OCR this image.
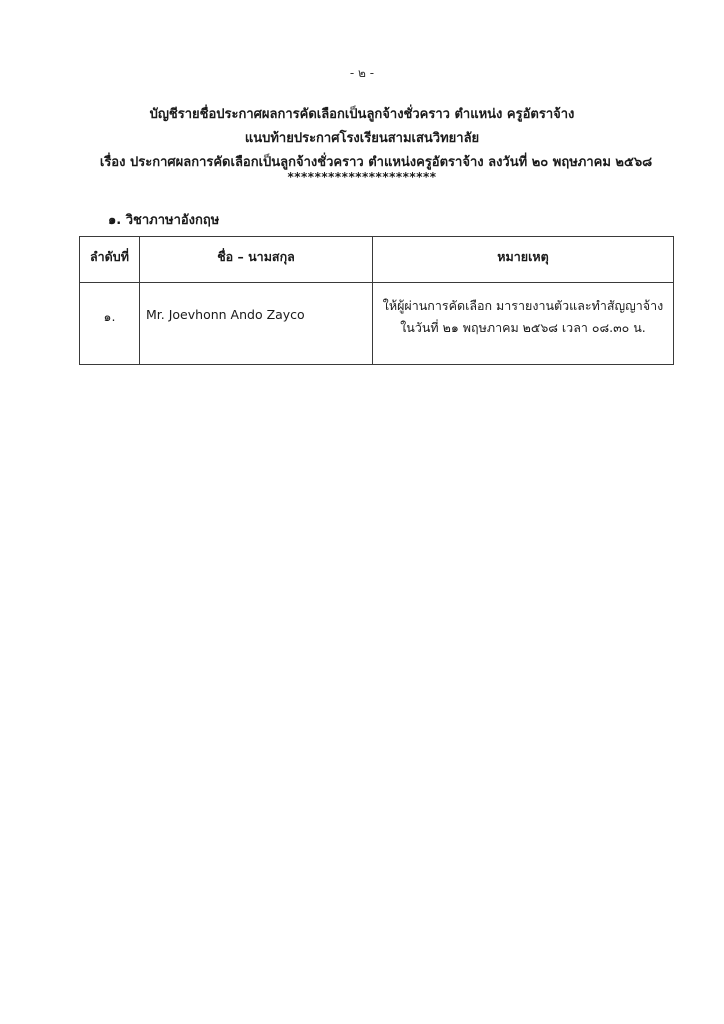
- ๒ -
บัญชีรายชื่อประกาศผลการคัดเลือกเป็นลูกจ้างชั่วคราว ตำแหน่ง ครูอัตราจ้าง
แนบท้ายประกาศโรงเรียนสามเสนวิทยาลัย
เรื่อง ประกาศผลการคัดเลือกเป็นลูกจ้างชั่วคราว ตำแหน่งครูอัตราจ้าง ลงวันที่ ๒๐ พฤษภาคม ๒๕๖๘
**********************
๑. วิชาภาษาอังกฤษ
ลำดับที่	ชื่อ – นามสกุล	หมายเหตุ
๑.	Mr. Joevhonn Ando Zayco	ให้ผู้ผ่านการคัดเลือก มารายงานตัวและทำสัญญาจ้าง
ในวันที่ ๒๑ พฤษภาคม ๒๕๖๘ เวลา ๐๘.๓๐ น.
